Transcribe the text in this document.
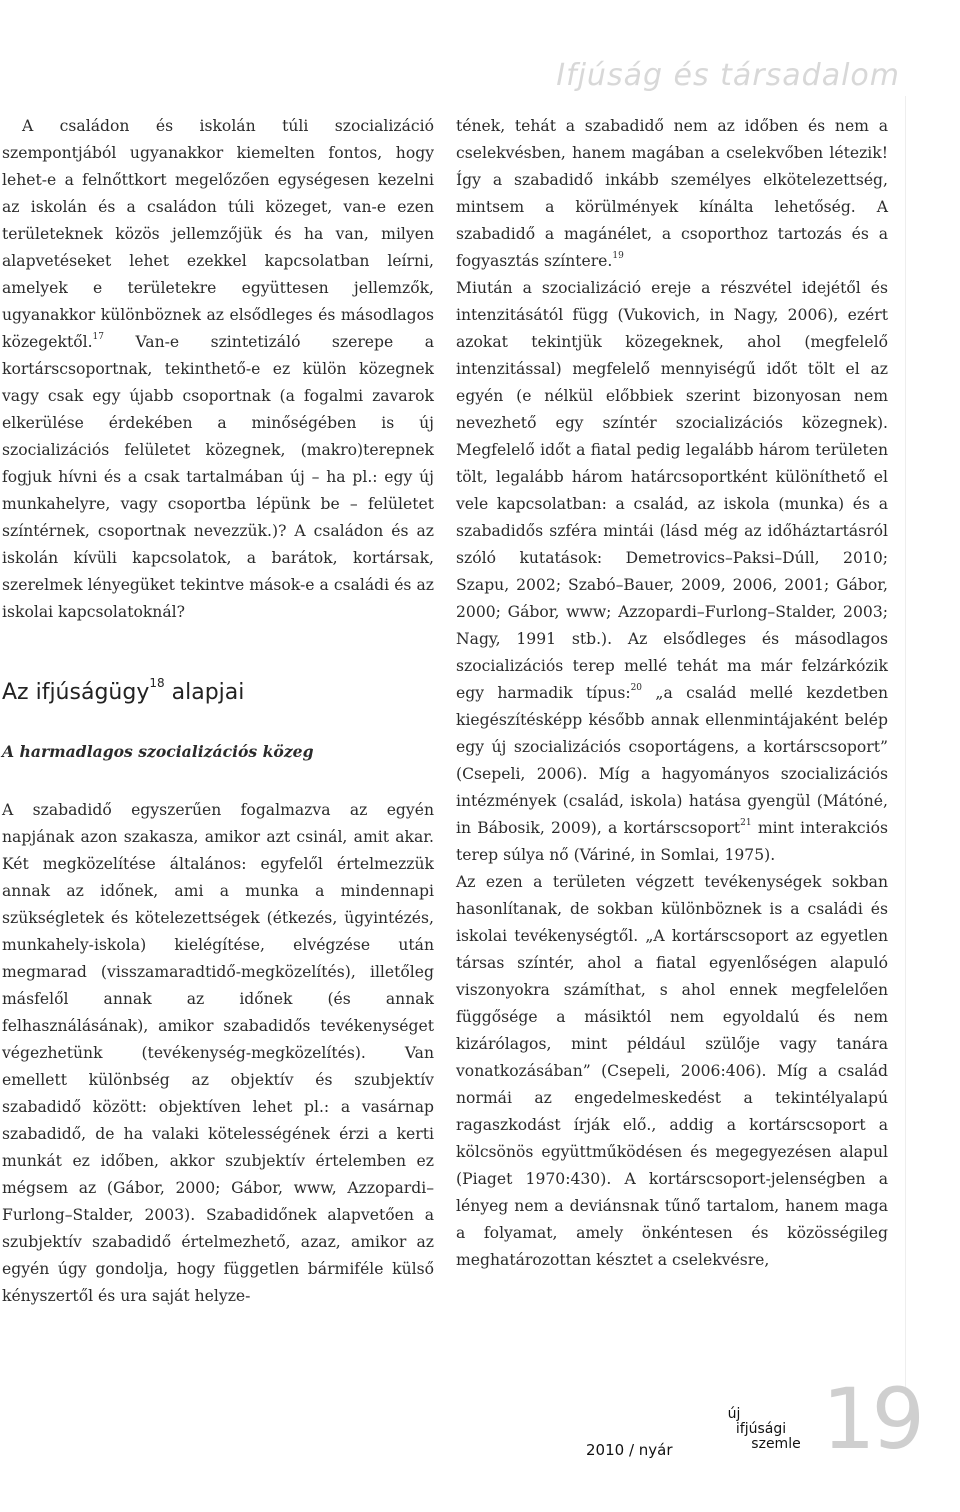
Ifjúság és társadalom

A családon és iskolán túli szocializáció szempontjából ugyanakkor kiemelten fontos, hogy lehet-e a felnőttkort megelőzően egységesen kezelni az iskolán és a családon túli közeget, van-e ezen területeknek közös jellemzőjük és ha van, milyen alapvetéseket lehet ezekkel kapcsolatban leírni, amelyek e területekre együttesen jellemzők, ugyanakkor különböznek az elsődleges és másodlagos közegektől.$^{17}$ Van-e szintetizáló szerepe a kortárscsoportnak, tekinthető-e ez külön közegnek vagy csak egy újabb csoportnak (a fogalmi zavarok elkerülése érdekében a minőségében is új szocializációs felületet közegnek, (makro)terepnek fogjuk hívni és a csak tartalmában új – ha pl.: egy új munkahelyre, vagy csoportba lépünk be – felületet színtérnek, csoportnak nevezzük.)? A családon és az iskolán kívüli kapcsolatok, a barátok, kortársak, szerelmek lényegüket tekintve mások-e a családi és az iskolai kapcsolatoknál?

Az ifjúságügy$^{18}$ alapjai
A harmadlagos szocializációs közeg

A szabadidő egyszerűen fogalmazva az egyén napjának azon szakasza, amikor azt csinál, amit akar. Két megközelítése általános: egyfelől értelmezzük annak az időnek, ami a munka a mindennapi szükségletek és kötelezettségek (étkezés, ügyintézés, munkahely-iskola) kielégítése, elvégzése után megmarad (visszamaradtidő-megközelítés), illetőleg másfelől annak az időnek (és annak felhasználásának), amikor szabadidős tevékenységet végezhetünk (tevékenység-megközelítés). Van emellett különbség az objektív és szubjektív szabadidő között: objektíven lehet pl.: a vasárnap szabadidő, de ha valaki kötelességének érzi a kerti munkát ez időben, akkor szubjektív értelemben ez mégsem az (Gábor, 2000; Gábor, www, Azzopardi–Furlong–Stalder, 2003). Szabadidőnek alapvetően a szubjektív szabadidő értelmezhető, azaz, amikor az egyén úgy gondolja, hogy független bármiféle külső kényszertől és ura saját helyze-

tének, tehát a szabadidő nem az időben és nem a cselekvésben, hanem magában a cselekvőben létezik! Így a szabadidő inkább személyes elkötelezettség, mintsem a körülmények kínálta lehetőség. A szabadidő a magánélet, a csoporthoz tartozás és a fogyasztás színtere.$^{19}$

Miután a szocializáció ereje a részvétel idejétől és intenzitásától függ (Vukovich, in Nagy, 2006), ezért azokat tekintjük közegeknek, ahol (megfelelő intenzitással) megfelelő mennyiségű időt tölt el az egyén (e nélkül előbbiek szerint bizonyosan nem nevezhető egy színtér szocializációs közegnek). Megfelelő időt a fiatal pedig legalább három területen tölt, legalább három határcsoportként különíthető el vele kapcsolatban: a család, az iskola (munka) és a szabadidős szféra mintái (lásd még az időháztartásról szóló kutatások: Demetrovics–Paksi–Dúll, 2010; Szapu, 2002; Szabó–Bauer, 2009, 2006, 2001; Gábor, 2000; Gábor, www; Azzopardi–Furlong–Stalder, 2003; Nagy, 1991 stb.). Az elsődleges és másodlagos szocializációs terep mellé tehát ma már felzárkózik egy harmadik típus:$^{20}$ „a család mellé kezdetben kiegészítésképp később annak ellenmintájaként belép egy új szocializációs csoportágens, a kortárscsoport” (Csepeli, 2006). Míg a hagyományos szocializációs intézmények (család, iskola) hatása gyengül (Mátóné, in Bábosik, 2009), a kortárscsoport$^{21}$ mint interakciós terep súlya nő (Váriné, in Somlai, 1975).

Az ezen a területen végzett tevékenységek sokban hasonlítanak, de sokban különböznek is a családi és iskolai tevékenységtől. „A kortárscsoport az egyetlen társas színtér, ahol a fiatal egyenlőségen alapuló viszonyokra számíthat, s ahol ennek megfelelően függősége a másiktól nem egyoldalú és nem kizárólagos, mint például szülője vagy tanára vonatkozásában” (Csepeli, 2006:406). Míg a család normái az engedelmeskedést a tekintélyalapú ragaszkodást írják elő., addig a kortárscsoport a kölcsönös együttműködésen és megegyezésen alapul (Piaget 1970:430). A kortárscsoport-jelenségben a lényeg nem a deviánsnak tűnő tartalom, hanem maga a folyamat, amely önkéntesen és közösségileg meghatározottan késztet a cselekvésre,

2010 / nyár
új
ifjúsági
szemle 19
